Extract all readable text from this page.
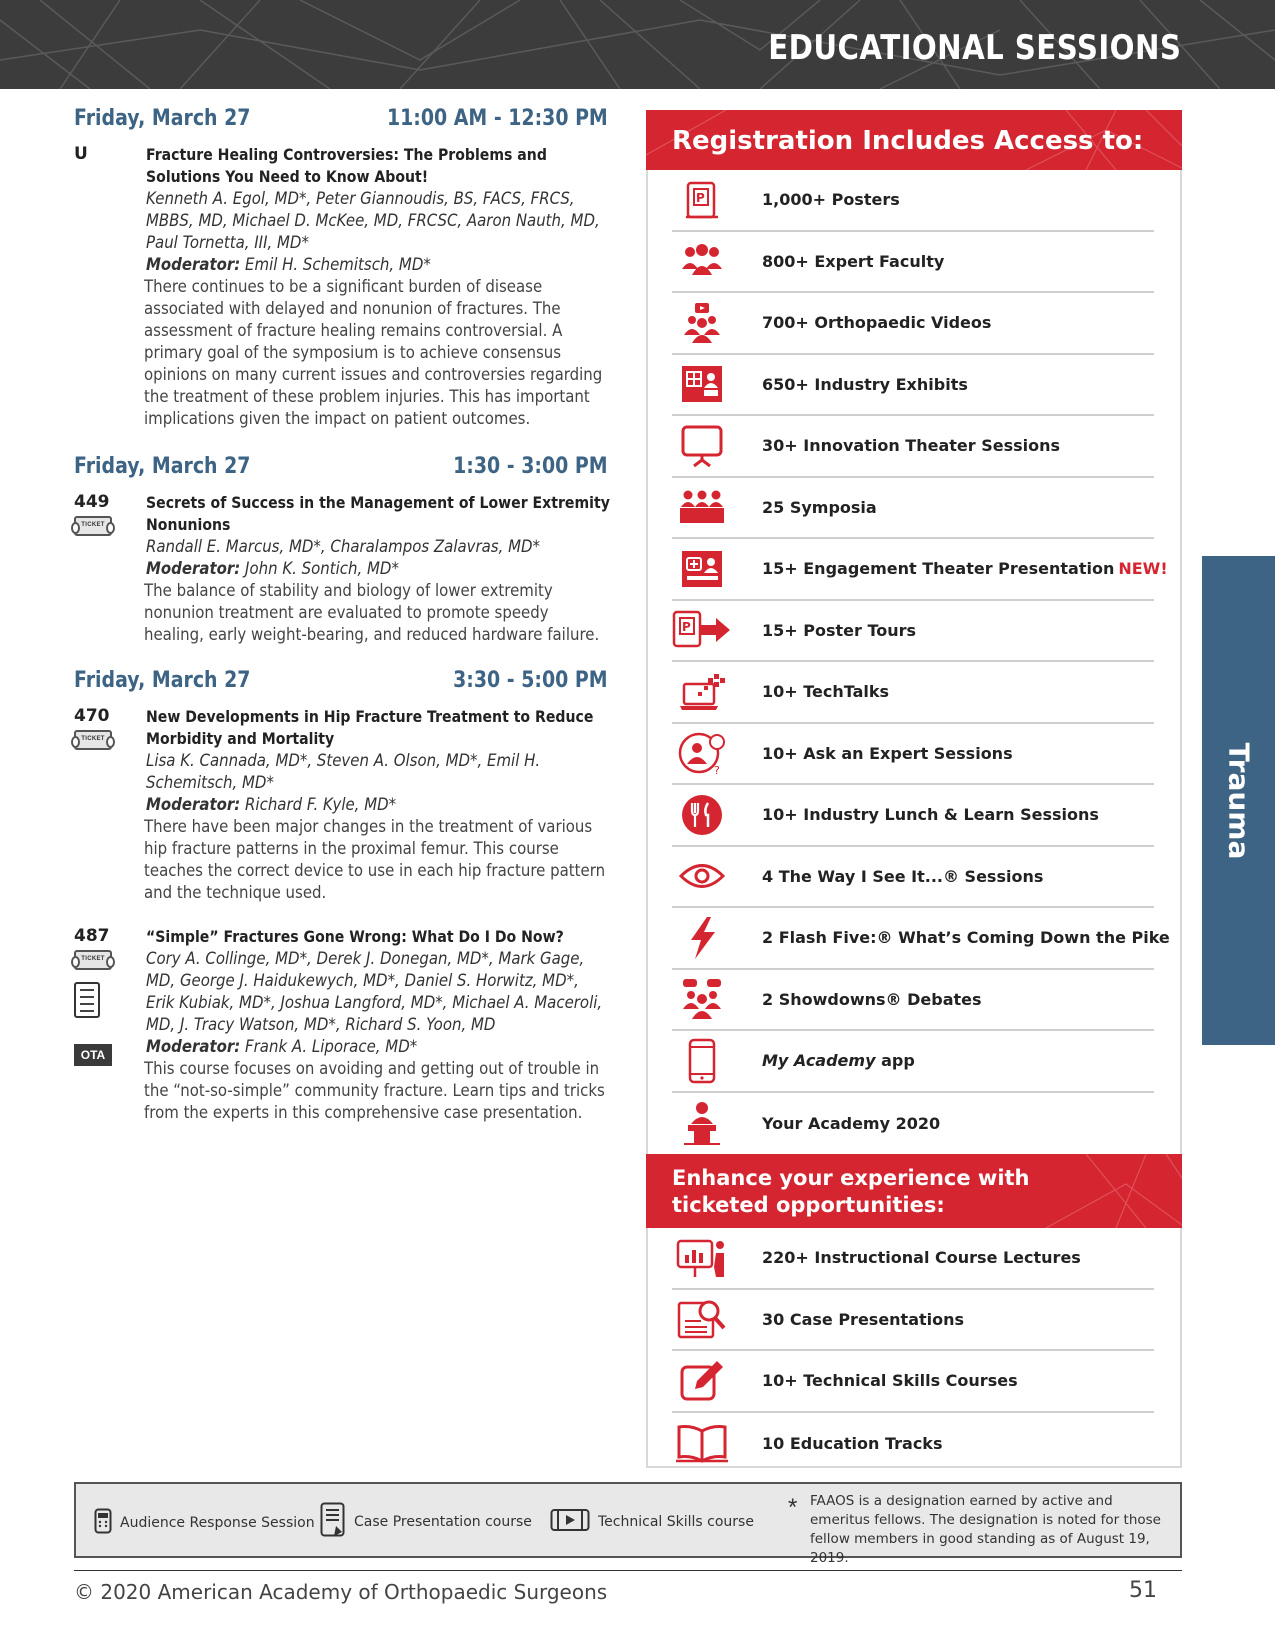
EDUCATIONAL SESSIONS
Friday, March 27	11:00 AM - 12:30 PM
U	Fracture Healing Controversies: The Problems and Solutions You Need to Know About!
Kenneth A. Egol, MD*, Peter Giannoudis, BS, FACS, FRCS, MBBS, MD, Michael D. McKee, MD, FRCSC, Aaron Nauth, MD, Paul Tornetta, III, MD*
Moderator: Emil H. Schemitsch, MD*
There continues to be a significant burden of disease associated with delayed and nonunion of fractures. The assessment of fracture healing remains controversial. A primary goal of the symposium is to achieve consensus opinions on many current issues and controversies regarding the treatment of these problem injuries. This has important implications given the impact on patient outcomes.
Friday, March 27	1:30 - 3:00 PM
449
TICKET
Secrets of Success in the Management of Lower Extremity Nonunions
Randall E. Marcus, MD*, Charalampos Zalavras, MD*
Moderator: John K. Sontich, MD*
The balance of stability and biology of lower extremity nonunion treatment are evaluated to promote speedy healing, early weight-bearing, and reduced hardware failure.
Friday, March 27	3:30 - 5:00 PM
470
TICKET
New Developments in Hip Fracture Treatment to Reduce Morbidity and Mortality
Lisa K. Cannada, MD*, Steven A. Olson, MD*, Emil H. Schemitsch, MD*
Moderator: Richard F. Kyle, MD*
There have been major changes in the treatment of various hip fracture patterns in the proximal femur. This course teaches the correct device to use in each hip fracture pattern and the technique used.
487
TICKET
OTA
“Simple” Fractures Gone Wrong: What Do I Do Now?
Cory A. Collinge, MD*, Derek J. Donegan, MD*, Mark Gage, MD, George J. Haidukewych, MD*, Daniel S. Horwitz, MD*, Erik Kubiak, MD*, Joshua Langford, MD*, Michael A. Maceroli, MD, J. Tracy Watson, MD*, Richard S. Yoon, MD
Moderator: Frank A. Liporace, MD*
This course focuses on avoiding and getting out of trouble in the “not-so-simple” community fracture. Learn tips and tricks from the experts in this comprehensive case presentation.
Registration Includes Access to:
P	1,000+ Posters
800+ Expert Faculty
700+ Orthopaedic Videos
650+ Industry Exhibits
30+ Innovation Theater Sessions
25 Symposia
15+ Engagement Theater Presentation NEW!
P	15+ Poster Tours
10+ TechTalks
?
10+ Ask an Expert Sessions
10+ Industry Lunch & Learn Sessions
4 The Way I See It...® Sessions
2 Flash Five:® What’s Coming Down the Pike
2 Showdowns® Debates
My Academy app
Your Academy 2020
Enhance your experience with ticketed opportunities:
220+ Instructional Course Lectures
30 Case Presentations
10+ Technical Skills Courses
10 Education Tracks
Trauma
Audience Response Session	Case Presentation course	Technical Skills course
* FAAOS is a designation earned by active and emeritus fellows. The designation is noted for those fellow members in good standing as of August 19, 2019.
© 2020 American Academy of Orthopaedic Surgeons	51
